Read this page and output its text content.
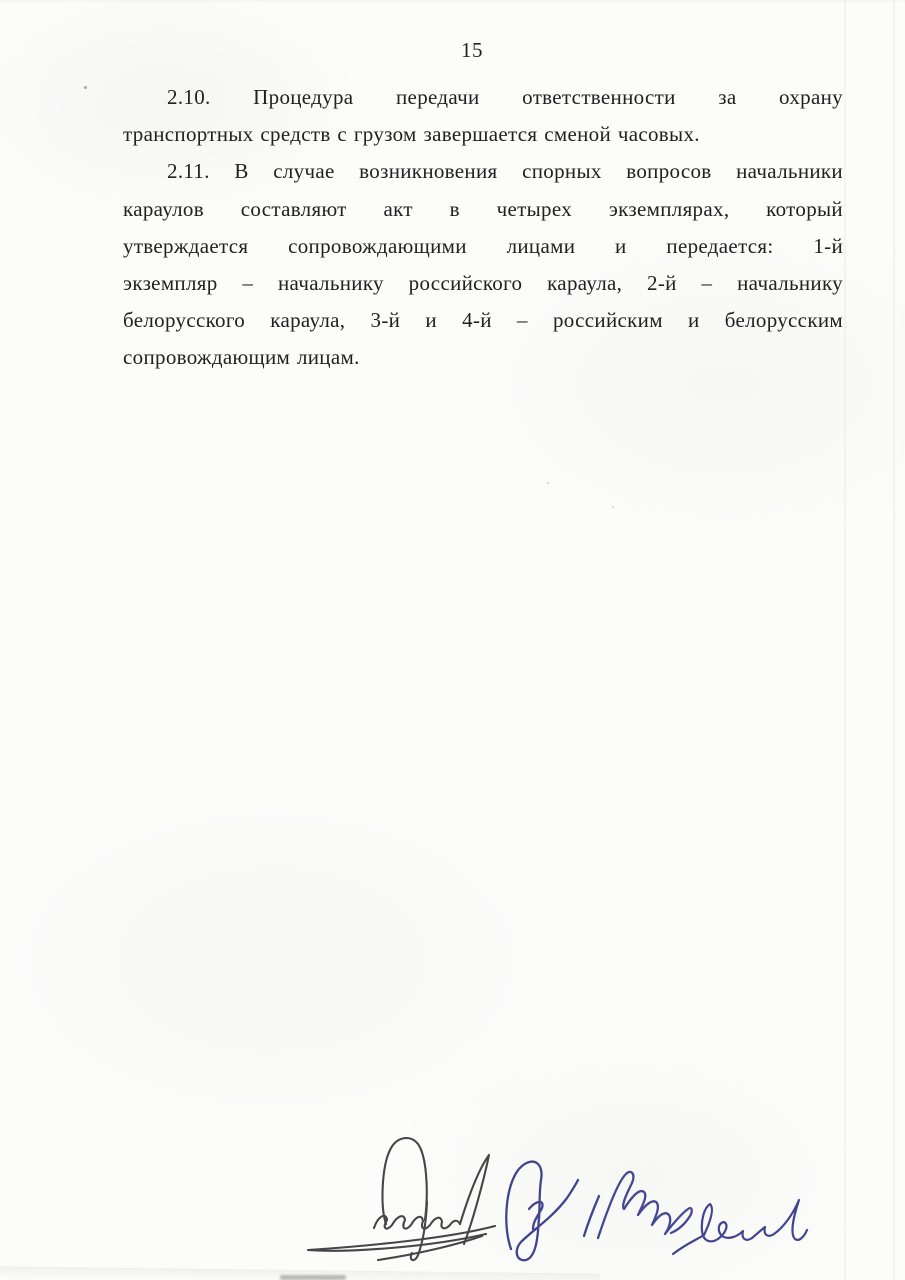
15
2.10. Процедура передачи ответственности за охрану
транспортных средств с грузом завершается сменой часовых.
2.11. В случае возникновения спорных вопросов начальники
караулов составляют акт в четырех экземплярах, который
утверждается сопровождающими лицами и передается: 1-й
экземпляр – начальнику российского караула, 2-й – начальнику
белорусского караула, 3-й и 4-й – российским и белорусским
сопровождающим лицам.
